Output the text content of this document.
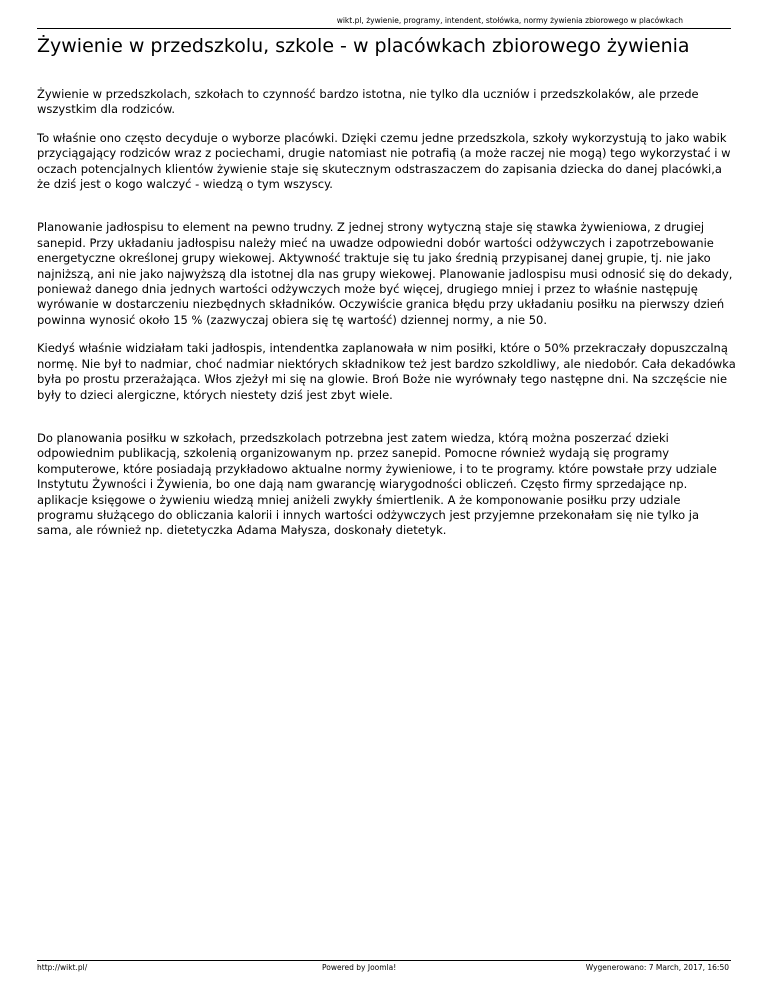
wikt.pl, żywienie, programy, intendent, stołówka, normy żywienia zbiorowego w placówkach
Żywienie w przedszkolu, szkole - w placówkach zbiorowego żywienia

Żywienie w przedszkolach, szkołach to czynność bardzo istotna, nie tylko dla uczniów i przedszkolaków, ale przede wszystkim dla rodziców.

To właśnie ono często decyduje o wyborze placówki. Dzięki czemu jedne przedszkola, szkoły wykorzystują to jako wabik przyciągający rodziców wraz z pociechami, drugie natomiast nie potrafią (a może raczej nie mogą) tego wykorzystać i w oczach potencjalnych klientów żywienie staje się skutecznym odstraszaczem do zapisania dziecka do danej placówki,a że dziś jest o kogo walczyć - wiedzą o tym wszyscy.

Planowanie jadłospisu to element na pewno trudny. Z jednej strony wytyczną staje się stawka żywieniowa, z drugiej sanepid. Przy układaniu jadłospisu należy mieć na uwadze odpowiedni dobór wartości odżywczych i zapotrzebowanie energetyczne określonej grupy wiekowej. Aktywność traktuje się tu jako średnią przypisanej danej grupie, tj. nie jako najniższą, ani nie jako najwyższą dla istotnej dla nas grupy wiekowej. Planowanie jadlospisu musi odnosić się do dekady, ponieważ danego dnia jednych wartości odżywczych może być więcej, drugiego mniej i przez to właśnie następuję wyrówanie w dostarczeniu niezbędnych składników. Oczywiście granica błędu przy układaniu posiłku na pierwszy dzień powinna wynosić około 15 % (zazwyczaj obiera się tę wartość) dziennej normy, a nie 50.

Kiedyś właśnie widziałam taki jadłospis, intendentka zaplanowała w nim posiłki, które o 50% przekraczały dopuszczalną normę. Nie był to nadmiar, choć nadmiar niektórych składnikow też jest bardzo szkoldliwy, ale niedobór. Cała dekadówka była po prostu przerażająca. Włos zjeżył mi się na glowie. Broń Boże nie wyrównały tego następne dni. Na szczęście nie były to dzieci alergiczne, których niestety dziś jest zbyt wiele.

Do planowania posiłku w szkołach, przedszkolach potrzebna jest zatem wiedza, którą można poszerzać dzieki odpowiednim publikacją, szkolenią organizowanym np. przez sanepid. Pomocne również wydają się programy komputerowe, które posiadają przykładowo aktualne normy żywieniowe, i to te programy. które powstałe przy udziale Instytutu Żywności i Żywienia, bo one dają nam gwarancję wiarygodności obliczeń. Często firmy sprzedające np. aplikacje księgowe o żywieniu wiedzą mniej aniżeli zwykły śmiertlenik. A że komponowanie posiłku przy udziale programu służącego do obliczania kalorii i innych wartości odżywczych jest przyjemne przekonałam się nie tylko ja sama, ale również np. dietetyczka Adama Małysza, doskonały dietetyk.

http://wikt.pl/	Powered by Joomla!	Wygenerowano: 7 March, 2017, 16:50
